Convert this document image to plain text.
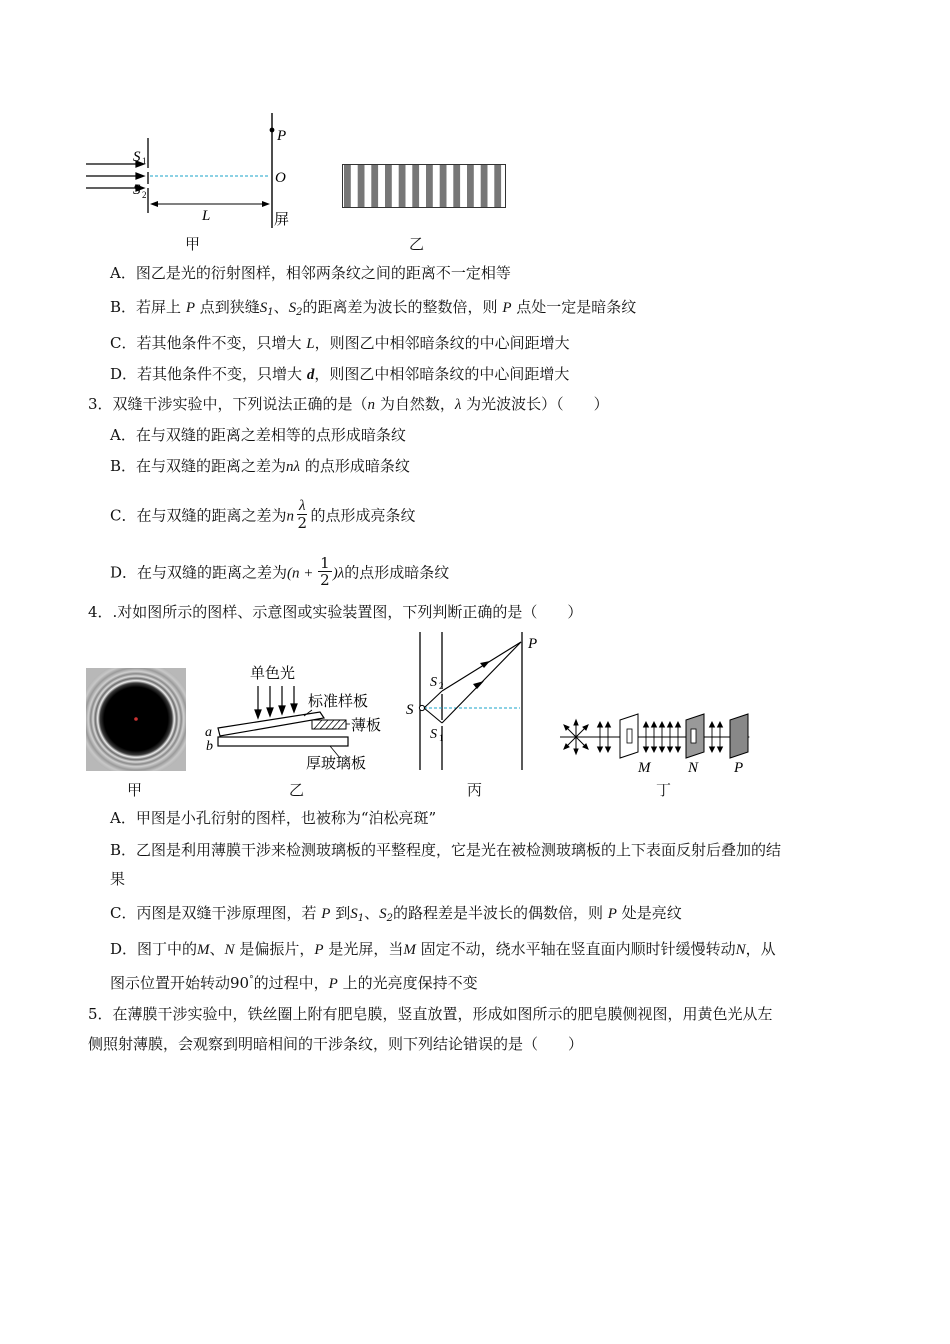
S 1
S 2
P
O
L	屏
甲	乙
A．图乙是光的衍射图样，相邻两条纹之间的距离不一定相等
B．若屏上 P 点到狭缝$S_1$、$S_2$的距离差为波长的整数倍，则 P 点处一定是暗条纹
C．若其他条件不变，只增大 L，则图乙中相邻暗条纹的中心间距增大
D．若其他条件不变，只增大 d，则图乙中相邻暗条纹的中心间距增大
3．双缝干涉实验中，下列说法正确的是（n 为自然数，λ 为光波波长）（　　）
A．在与双缝的距离之差相等的点形成暗条纹
B．在与双缝的距离之差为nλ 的点形成暗条纹
C．在与双缝的距离之差为n $\frac{\lambda}{2}$ 的点形成亮条纹
D．在与双缝的距离之差为$(n + \frac{1}{2} )\lambda$的点形成暗条纹
4．.对如图所示的图样、示意图或实验装置图，下列判断正确的是（　　）
甲
单色光
标准样板
薄板
厚玻璃板
a
b
乙
P
S
S 2
S 1
丙
M	N P
丁
A．甲图是小孔衍射的图样，也被称为“泊松亮斑”
B．乙图是利用薄膜干涉来检测玻璃板的平整程度，它是光在被检测玻璃板的上下表面反射后叠加的结
果
C．丙图是双缝干涉原理图，若 P 到$S_1$、$S_2$的路程差是半波长的偶数倍，则 P 处是亮纹
D．图丁中的M、N 是偏振片，P 是光屏，当M 固定不动，绕水平轴在竖直面内顺时针缓慢转动N，从
图示位置开始转动90°的过程中，P 上的光亮度保持不变
5．在薄膜干涉实验中，铁丝圈上附有肥皂膜，竖直放置，形成如图所示的肥皂膜侧视图，用黄色光从左
侧照射薄膜，会观察到明暗相间的干涉条纹，则下列结论错误的是（　　）
